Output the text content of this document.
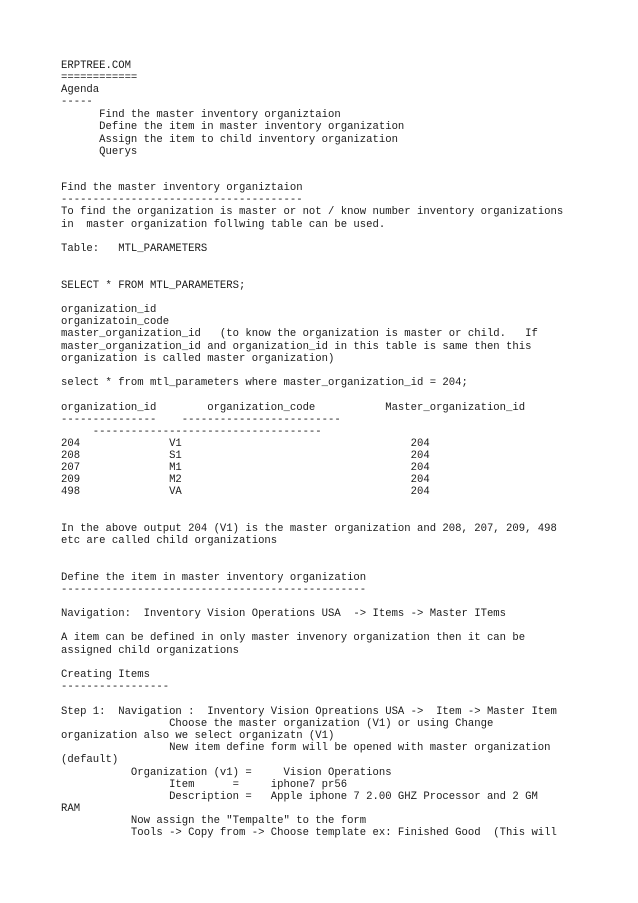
ERPTREE.COM

============

Agenda

-----

Find the master inventory organiztaion

Define the item in master inventory organization

Assign the item to child inventory organization

Querys

Find the master inventory organiztaion

--------------------------------------

To find the organization is master or not / know number inventory organizations

in  master organization follwing table can be used.

Table:   MTL_PARAMETERS

SELECT * FROM MTL_PARAMETERS;

organization_id

organizatoin_code

master_organization_id   (to know the organization is master or child.   If

master_organization_id and organization_id in this table is same then this

organization is called master organization)

select * from mtl_parameters where master_organization_id = 204;

organization_id        organization_code           Master_organization_id

---------------    -------------------------

------------------------------------

204              V1                                    204

208              S1                                    204

207              M1                                    204

209              M2                                    204

498              VA                                    204

In the above output 204 (V1) is the master organization and 208, 207, 209, 498

etc are called child organizations

Define the item in master inventory organization

------------------------------------------------

Navigation:  Inventory Vision Operations USA  -> Items -> Master ITems

A item can be defined in only master invenory organization then it can be

assigned child organizations

Creating Items

-----------------

Step 1:  Navigation :  Inventory Vision Opreations USA ->  Item -> Master Item

Choose the master organization (V1) or using Change

organization also we select organizatn (V1)

New item define form will be opened with master organization

(default)

Organization (v1) =     Vision Operations

Item      =     iphone7 pr56

Description =   Apple iphone 7 2.00 GHZ Processor and 2 GM

RAM

Now assign the "Tempalte" to the form

Tools -> Copy from -> Choose template ex: Finished Good  (This will
